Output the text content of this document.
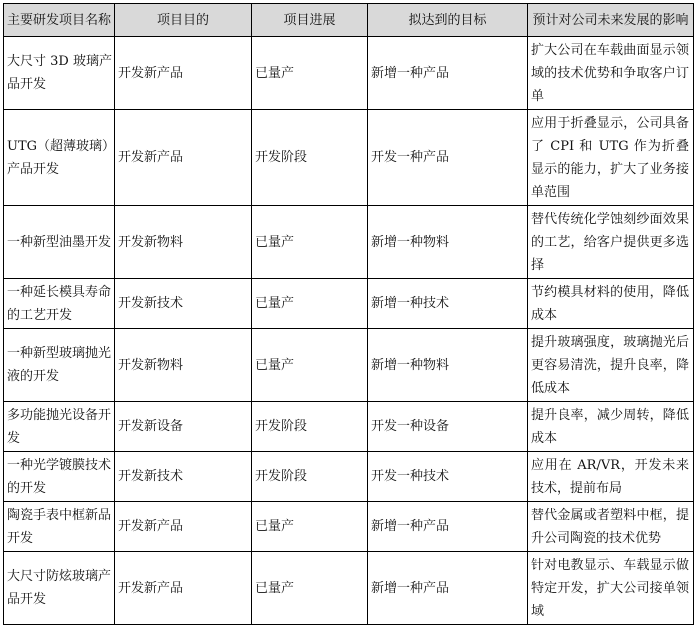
主要研发项目名称	项目目的	项目进展	拟达到的目标	预计对公司未来发展的影响
大尺寸 3D 玻璃产品开发	开发新产品	已量产	新增一种产品	扩大公司在车载曲面显示领域的技术优势和争取客户订单
UTG（超薄玻璃）产品开发	开发新产品	开发阶段	开发一种产品	应用于折叠显示，公司具备了 CPI 和 UTG 作为折叠显示的能力，扩大了业务接单范围
一种新型油墨开发	开发新物料	已量产	新增一种物料	替代传统化学蚀刻纱面效果的工艺，给客户提供更多选择
一种延长模具寿命的工艺开发	开发新技术	已量产	新增一种技术	节约模具材料的使用，降低成本
一种新型玻璃抛光液的开发	开发新物料	已量产	新增一种物料	提升玻璃强度，玻璃抛光后更容易清洗，提升良率，降低成本
多功能抛光设备开发	开发新设备	开发阶段	开发一种设备	提升良率，减少周转，降低成本
一种光学镀膜技术的开发	开发新技术	开发阶段	开发一种技术	应用在 AR/VR，开发未来技术，提前布局
陶瓷手表中框新品开发	开发新产品	已量产	新增一种产品	替代金属或者塑料中框，提升公司陶瓷的技术优势
大尺寸防炫玻璃产品开发	开发新产品	已量产	新增一种产品	针对电教显示、车载显示做特定开发，扩大公司接单领域
